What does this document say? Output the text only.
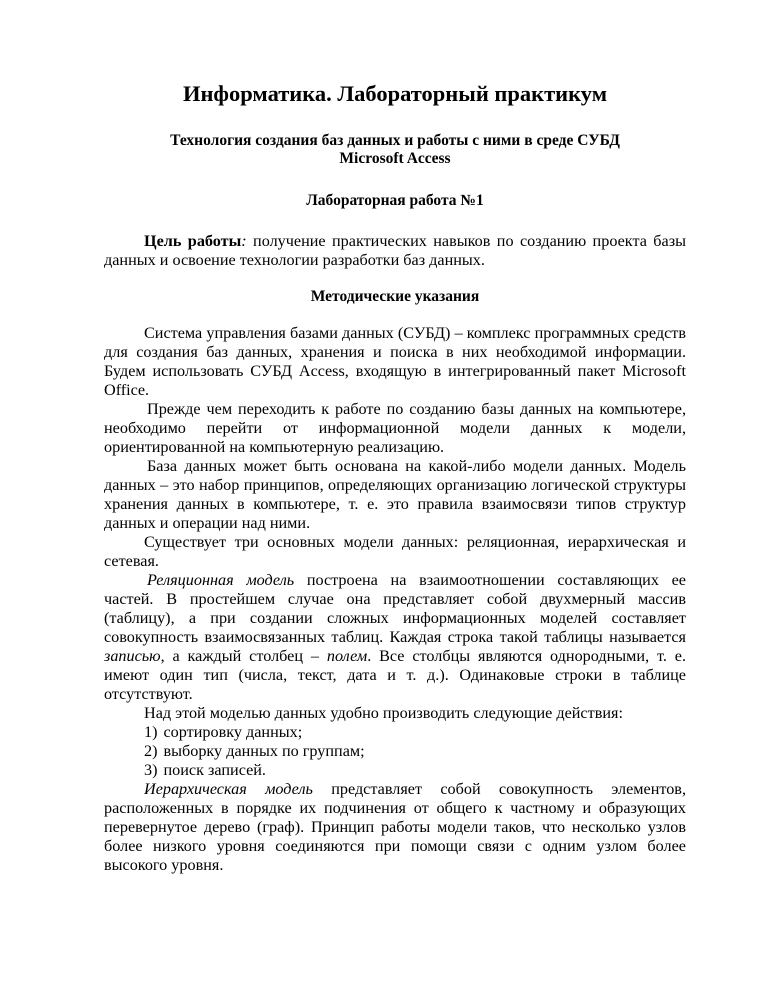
Информатика. Лабораторный практикум
Технология создания баз данных и работы с ними в среде СУБД Microsoft Access
Лабораторная работа №1

Цель работы: получение практических навыков по созданию проекта базы данных и освоение технологии разработки баз данных.

Методические указания

Система управления базами данных (СУБД) – комплекс программных средств для создания баз данных, хранения и поиска в них необходимой информации. Будем использовать СУБД Access, входящую в интегрированный пакет Microsoft Office.

Прежде чем переходить к работе по созданию базы данных на компьютере, необходимо перейти от информационной модели данных к модели, ориентированной на компьютерную реализацию.

База данных может быть основана на какой-либо модели данных. Модель данных – это набор принципов, определяющих организацию логической структуры хранения данных в компьютере, т. е. это правила взаимосвязи типов структур данных и операции над ними.

Существует три основных модели данных: реляционная, иерархическая и сетевая.

Реляционная модель построена на взаимоотношении составляющих ее частей. В простейшем случае она представляет собой двухмерный массив (таблицу), а при создании сложных информационных моделей составляет совокупность взаимосвязанных таблиц. Каждая строка такой таблицы называется записью, а каждый столбец – полем. Все столбцы являются однородными, т. е. имеют один тип (числа, текст, дата и т. д.). Одинаковые строки в таблице отсутствуют.

Над этой моделью данных удобно производить следующие действия:

1) сортировку данных;
2) выборку данных по группам;
3) поиск записей.

Иерархическая модель представляет собой совокупность элементов, расположенных в порядке их подчинения от общего к частному и образующих перевернутое дерево (граф). Принцип работы модели таков, что несколько узлов более низкого уровня соединяются при помощи связи с одним узлом более высокого уровня.
